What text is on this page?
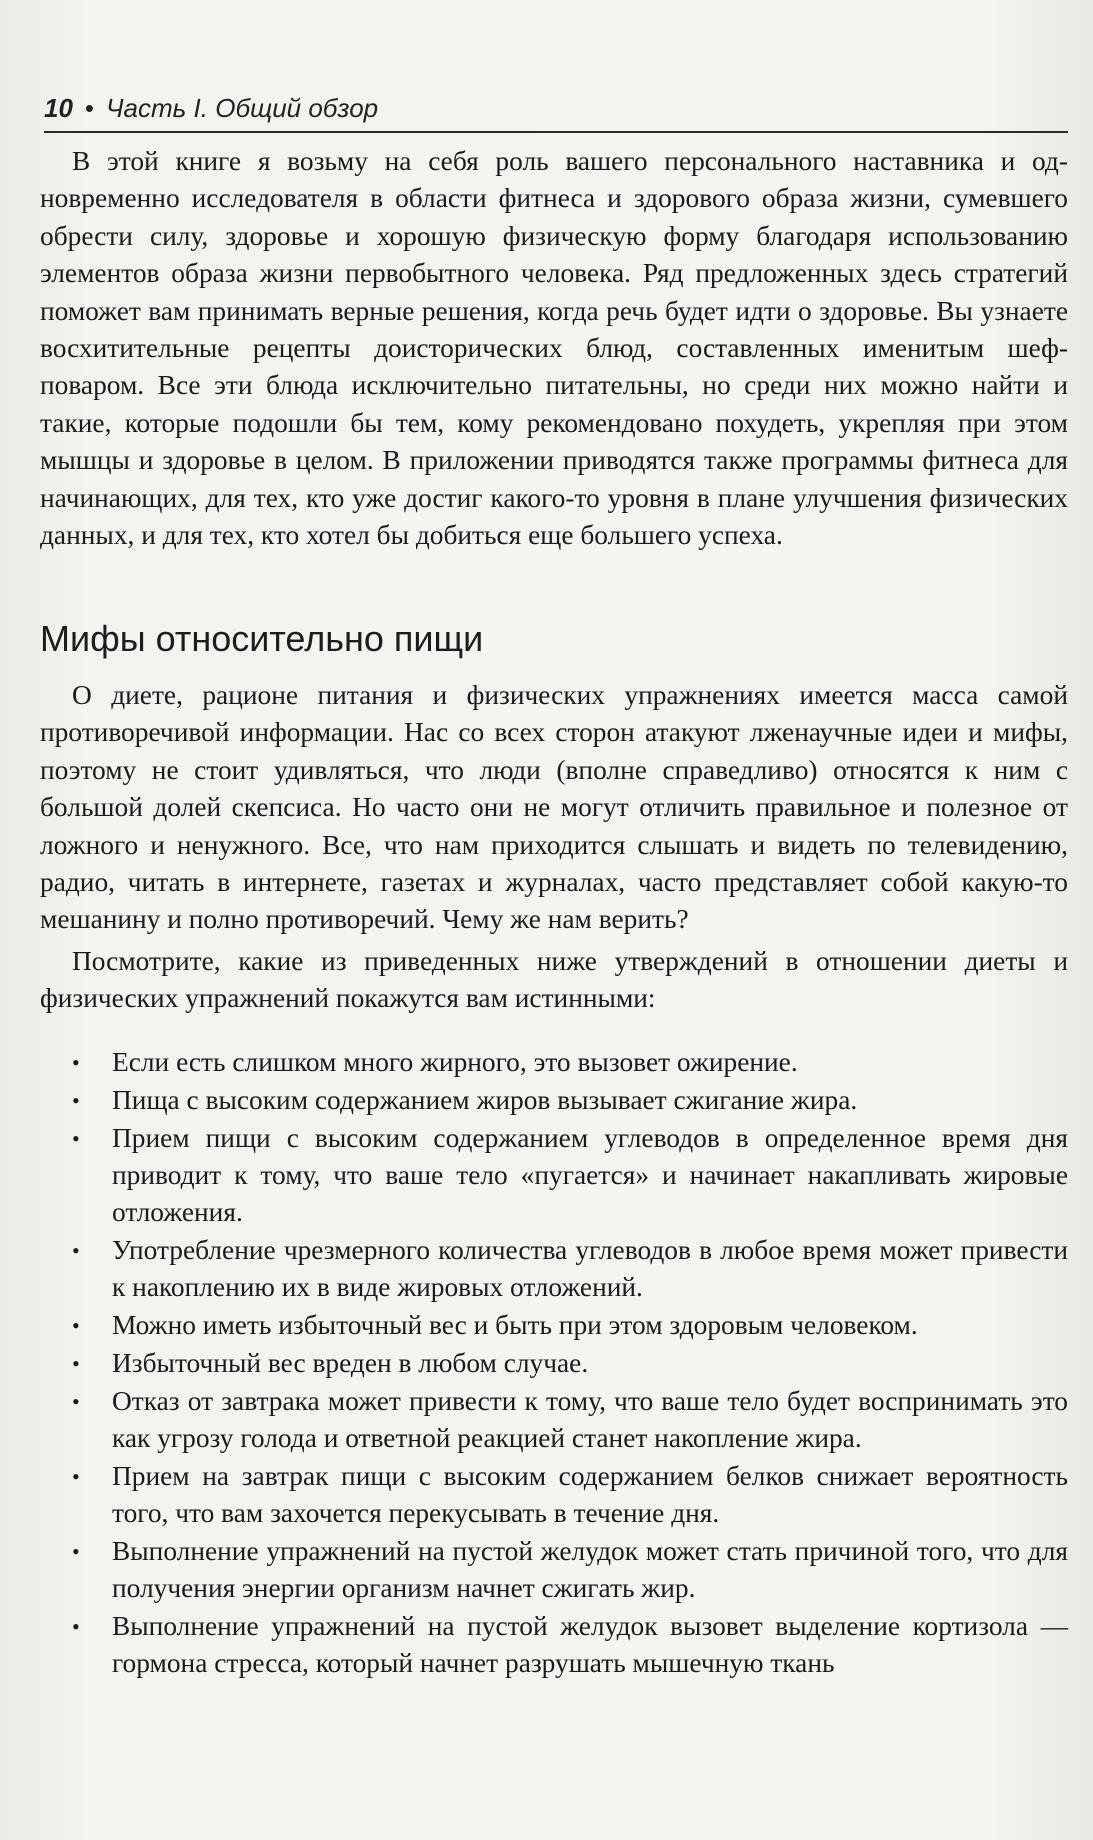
10 • Часть I. Общий обзор

В этой книге я возьму на себя роль вашего персонального наставника и одновременно исследователя в области фитнеса и здорового образа жизни, сумевшего обрести силу, здоровье и хорошую физическую форму благодаря использованию элементов образа жизни первобытного человека. Ряд предложенных здесь стратегий поможет вам принимать верные решения, когда речь будет идти о здоровье. Вы узнаете восхитительные рецепты доисторических блюд, составленных именитым шеф-поваром. Все эти блюда исключительно питательны, но среди них можно найти и такие, которые подошли бы тем, кому рекомендовано похудеть, укрепляя при этом мышцы и здоровье в целом. В приложении приводятся также программы фитнеса для начинающих, для тех, кто уже достиг какого-то уровня в плане улучшения физических данных, и для тех, кто хотел бы добиться еще большего успеха.

Мифы относительно пищи

О диете, рационе питания и физических упражнениях имеется масса самой противоречивой информации. Нас со всех сторон атакуют лженаучные идеи и мифы, поэтому не стоит удивляться, что люди (вполне справедливо) относятся к ним с большой долей скепсиса. Но часто они не могут отличить правильное и полезное от ложного и ненужного. Все, что нам приходится слышать и видеть по телевидению, радио, читать в интернете, газетах и журналах, часто представляет собой какую-то мешанину и полно противоречий. Чему же нам верить?

Посмотрите, какие из приведенных ниже утверждений в отношении диеты и физических упражнений покажутся вам истинными:

• Если есть слишком много жирного, это вызовет ожирение.
• Пища с высоким содержанием жиров вызывает сжигание жира.
• Прием пищи с высоким содержанием углеводов в определенное время дня приводит к тому, что ваше тело «пугается» и начинает накапливать жировые отложения.
• Употребление чрезмерного количества углеводов в любое время может привести к накоплению их в виде жировых отложений.
• Можно иметь избыточный вес и быть при этом здоровым человеком.
• Избыточный вес вреден в любом случае.
• Отказ от завтрака может привести к тому, что ваше тело будет воспринимать это как угрозу голода и ответной реакцией станет накопление жира.
• Прием на завтрак пищи с высоким содержанием белков снижает вероятность того, что вам захочется перекусывать в течение дня.
• Выполнение упражнений на пустой желудок может стать причиной того, что для получения энергии организм начнет сжигать жир.
• Выполнение упражнений на пустой желудок вызовет выделение кортизола — гормона стресса, который начнет разрушать мышечную ткань
